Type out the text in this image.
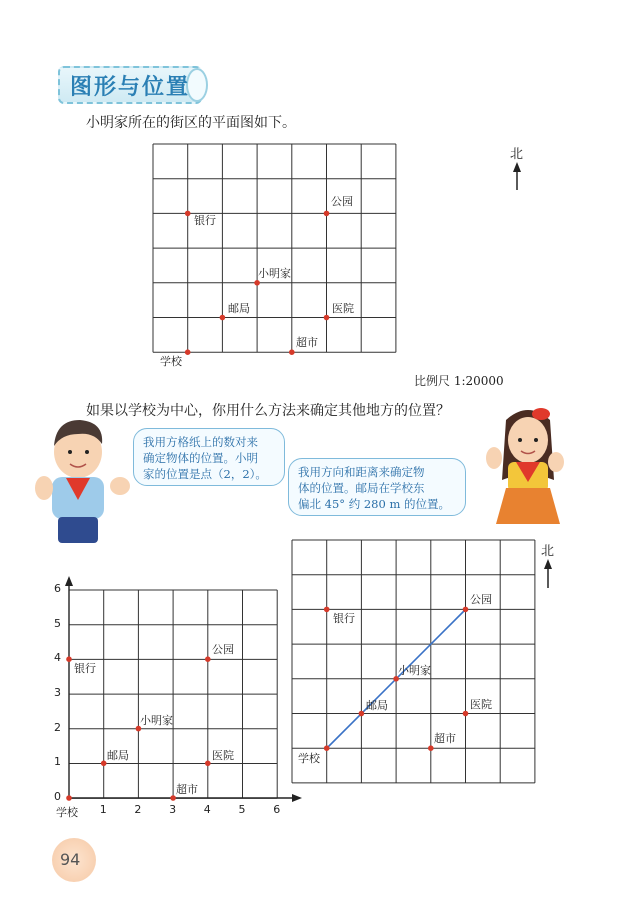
图形与位置
小明家所在的街区的平面图如下。
银行
公园
小明家
邮局	医院
超市
学校
北
比例尺 1:20000
如果以学校为中心，你用什么方法来确定其他地方的位置？
我用方格纸上的数对来
确定物体的位置。小明
家的位置是点（2，2）。	我用方向和距离来确定物
体的位置。邮局在学校东
偏北 45° 约 280 m 的位置。
北
银行
公园
小明家
邮局	医院
超市
学校
银行
公园
小明家
邮局	医院
超市
学校 1	2	3	4	5	6
0
1
2
3
4
5
6
94
